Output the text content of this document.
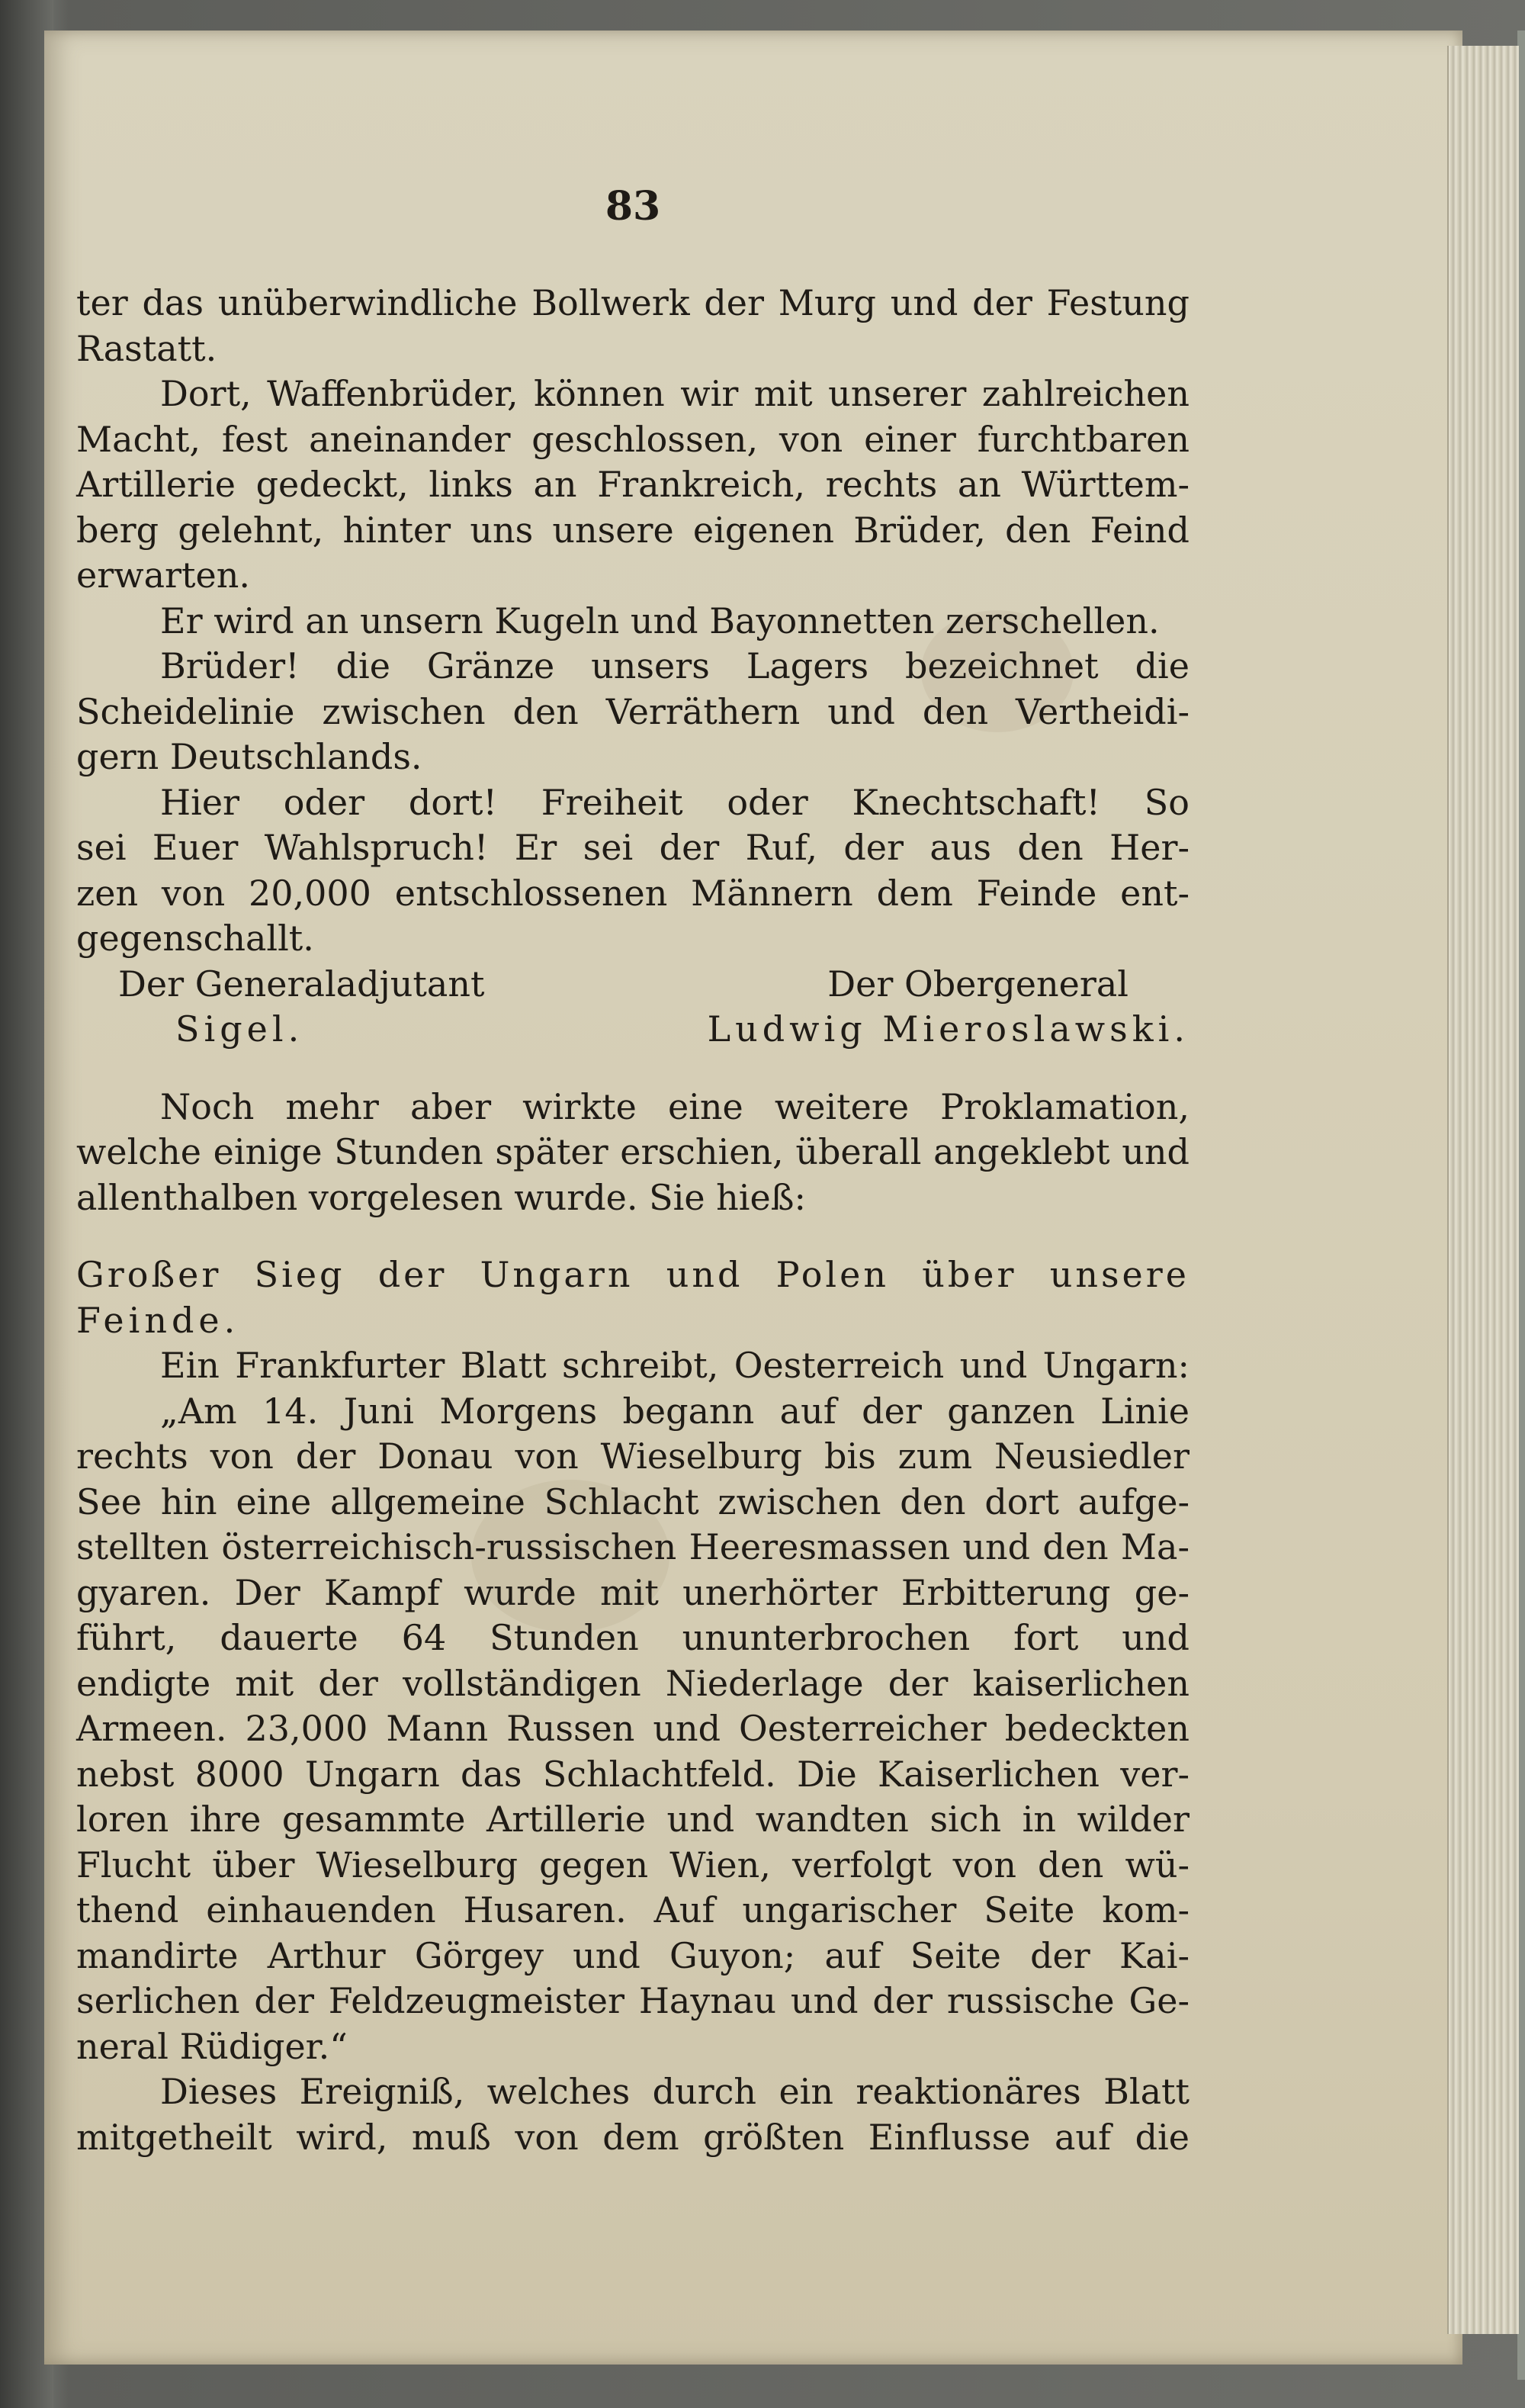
83
ter das unüberwindliche Bollwerk der Murg und der Festung
Rastatt.
Dort, Waffenbrüder, können wir mit unserer zahlreichen
Macht, fest aneinander geschlossen, von einer furchtbaren
Artillerie gedeckt, links an Frankreich, rechts an Württem-
berg gelehnt, hinter uns unsere eigenen Brüder, den Feind
erwarten.
Er wird an unsern Kugeln und Bayonnetten zerschellen.
Brüder! die Gränze unsers Lagers bezeichnet die
Scheidelinie zwischen den Verräthern und den Vertheidi-
gern Deutschlands.
Hier oder dort! Freiheit oder Knechtschaft! So
sei Euer Wahlspruch! Er sei der Ruf, der aus den Her-
zen von 20,000 entschlossenen Männern dem Feinde ent-
gegenschallt.
Der Generaladjutant	Der Obergeneral
Sigel.	Ludwig Mieroslawski.
Noch mehr aber wirkte eine weitere Proklamation,
welche einige Stunden später erschien, überall angeklebt und
allenthalben vorgelesen wurde. Sie hieß:
Großer Sieg der Ungarn und Polen über unsere
Feinde.
Ein Frankfurter Blatt schreibt, Oesterreich und Ungarn:
„Am 14. Juni Morgens begann auf der ganzen Linie
rechts von der Donau von Wieselburg bis zum Neusiedler
See hin eine allgemeine Schlacht zwischen den dort aufge-
stellten österreichisch-russischen Heeresmassen und den Ma-
gyaren. Der Kampf wurde mit unerhörter Erbitterung ge-
führt, dauerte 64 Stunden ununterbrochen fort und
endigte mit der vollständigen Niederlage der kaiserlichen
Armeen. 23,000 Mann Russen und Oesterreicher bedeckten
nebst 8000 Ungarn das Schlachtfeld. Die Kaiserlichen ver-
loren ihre gesammte Artillerie und wandten sich in wilder
Flucht über Wieselburg gegen Wien, verfolgt von den wü-
thend einhauenden Husaren. Auf ungarischer Seite kom-
mandirte Arthur Görgey und Guyon; auf Seite der Kai-
serlichen der Feldzeugmeister Haynau und der russische Ge-
neral Rüdiger.“
Dieses Ereigniß, welches durch ein reaktionäres Blatt
mitgetheilt wird, muß von dem größten Einflusse auf die
